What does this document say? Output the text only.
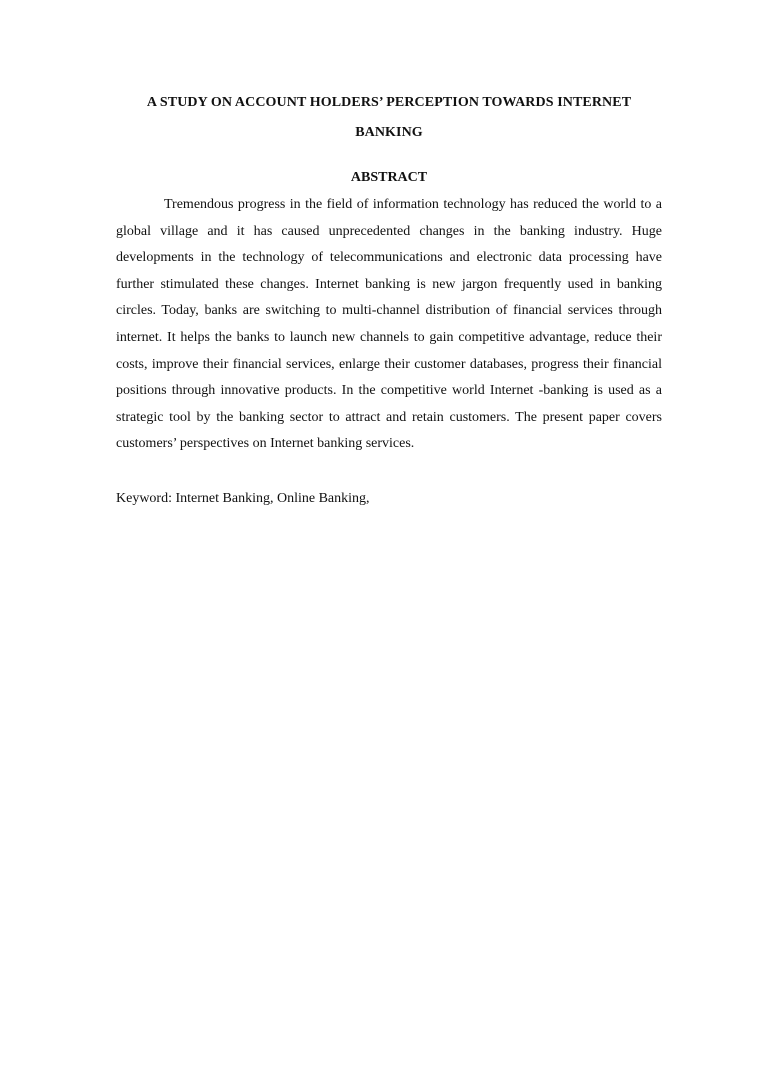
A STUDY ON ACCOUNT HOLDERS’ PERCEPTION TOWARDS INTERNET
BANKING
ABSTRACT

Tremendous progress in the field of information technology has reduced the world to a global village and it has caused unprecedented changes in the banking industry. Huge developments in the technology of telecommunications and electronic data processing have further stimulated these changes. Internet banking is new jargon frequently used in banking circles. Today, banks are switching to multi-channel distribution of financial services through internet. It helps the banks to launch new channels to gain competitive advantage, reduce their costs, improve their financial services, enlarge their customer databases, progress their financial positions through innovative products. In the competitive world Internet -banking is used as a strategic tool by the banking sector to attract and retain customers. The present paper covers customers’ perspectives on Internet banking services.

Keyword: Internet Banking, Online Banking,
